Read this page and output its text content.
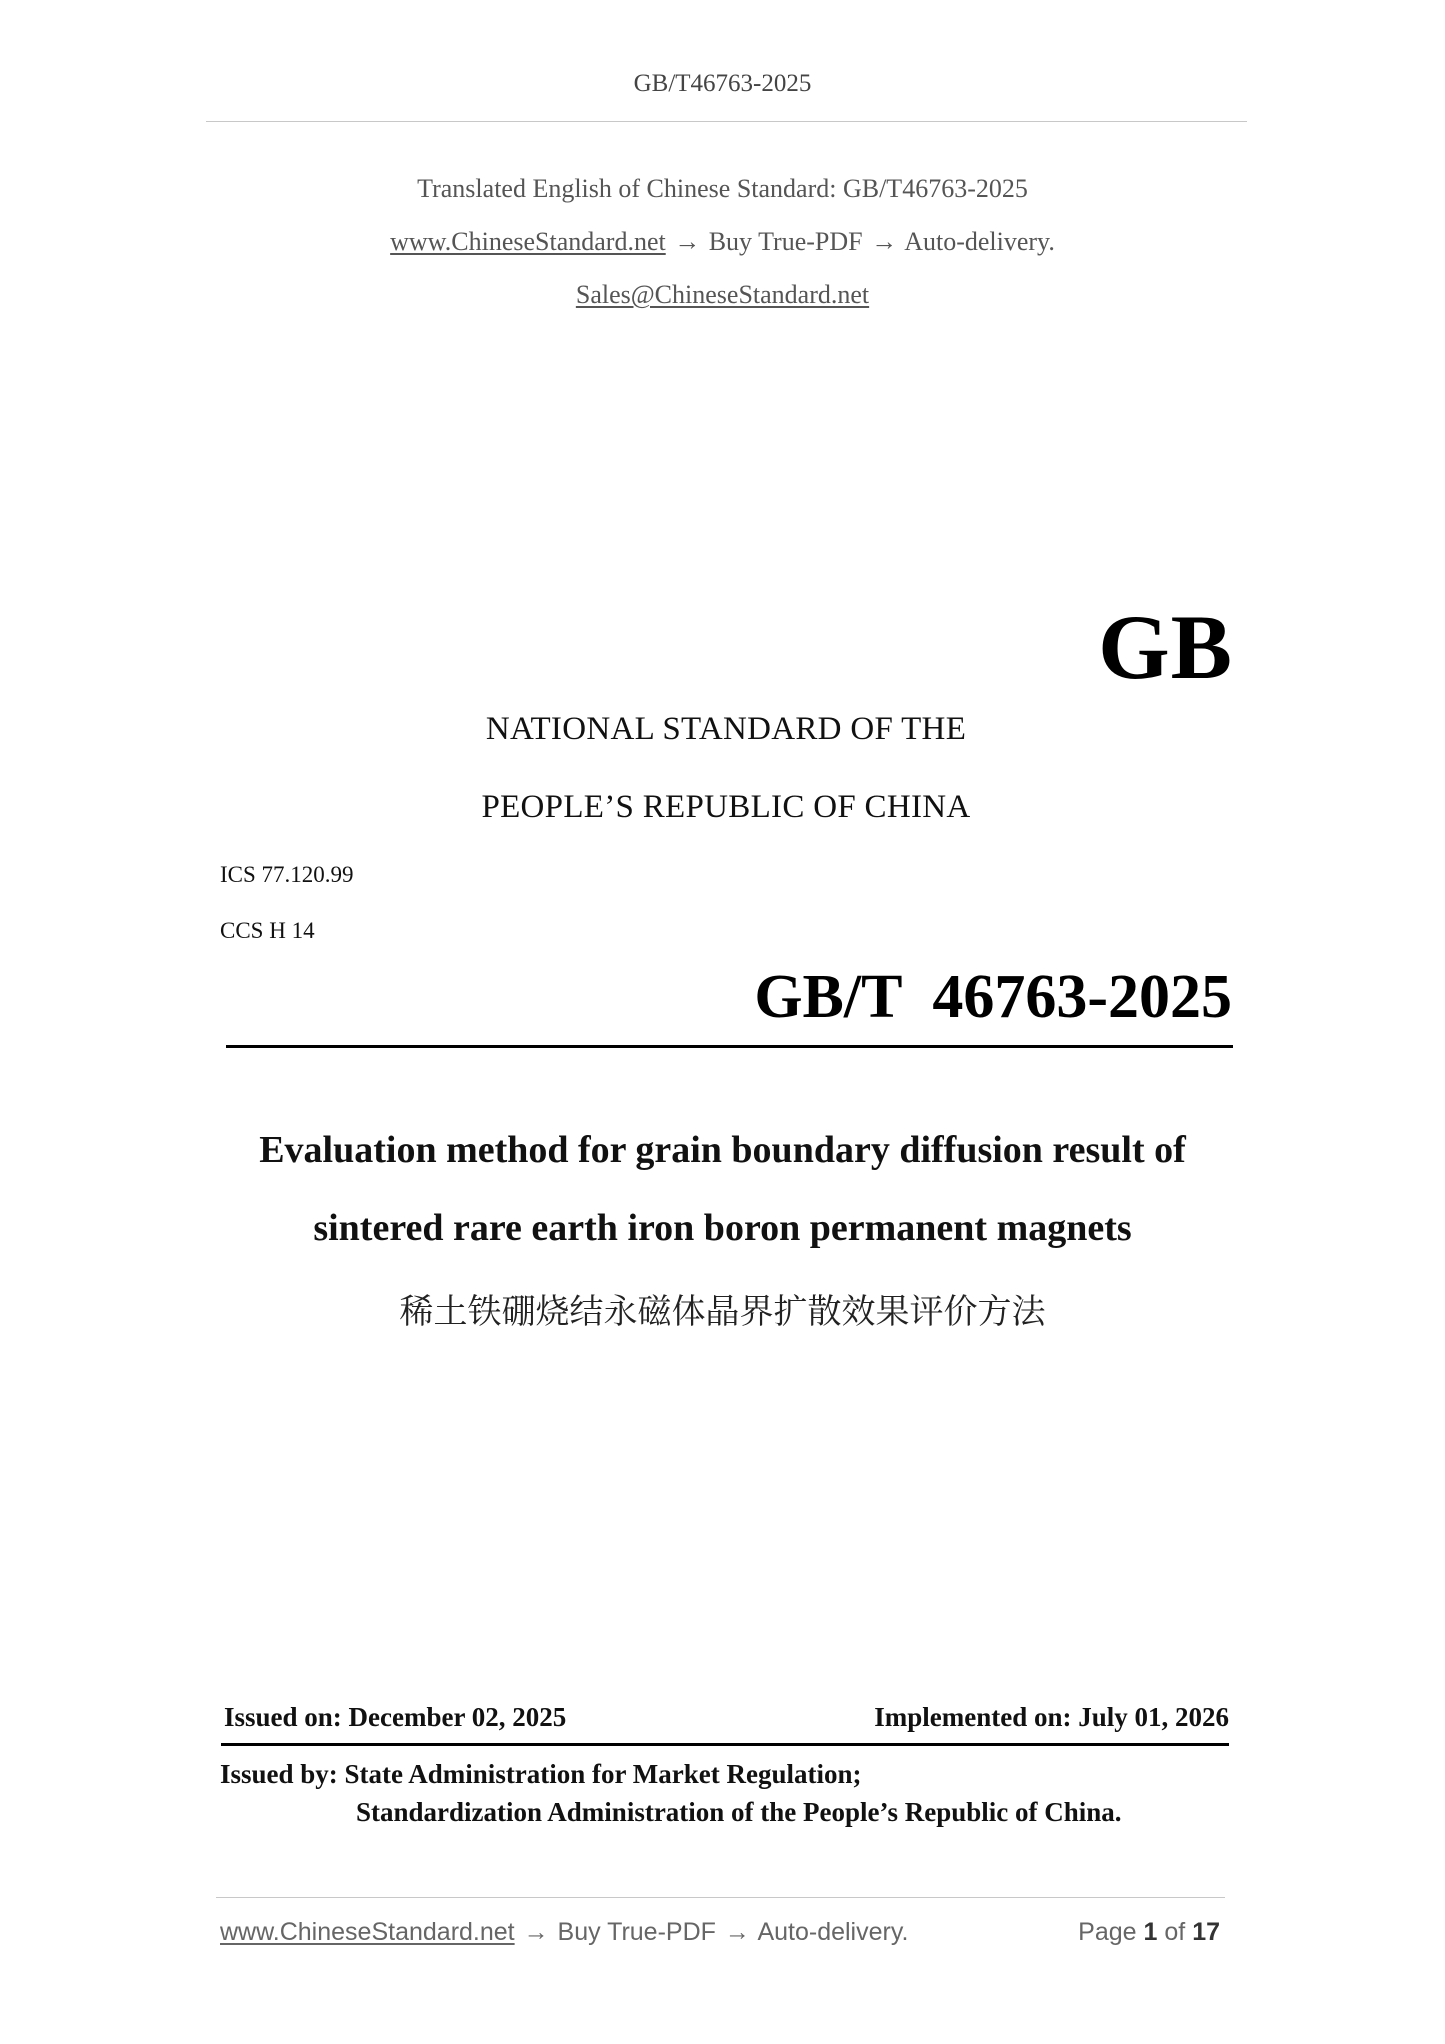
GB/T46763-2025
Translated English of Chinese Standard: GB/T46763-2025
www.ChineseStandard.net → Buy True-PDF → Auto-delivery.
Sales@ChineseStandard.net
GB
NATIONAL STANDARD OF THE
PEOPLE’S REPUBLIC OF CHINA
ICS 77.120.99
CCS H 14
GB/T  46763-2025
Evaluation method for grain boundary diffusion result of
sintered rare earth iron boron permanent magnets
稀土铁硼烧结永磁体晶界扩散效果评价方法
Issued on: December 02, 2025	Implemented on: July 01, 2026
Issued by: State Administration for Market Regulation;
Standardization Administration of the People’s Republic of China.
www.ChineseStandard.net → Buy True-PDF → Auto-delivery.	Page 1 of 17
